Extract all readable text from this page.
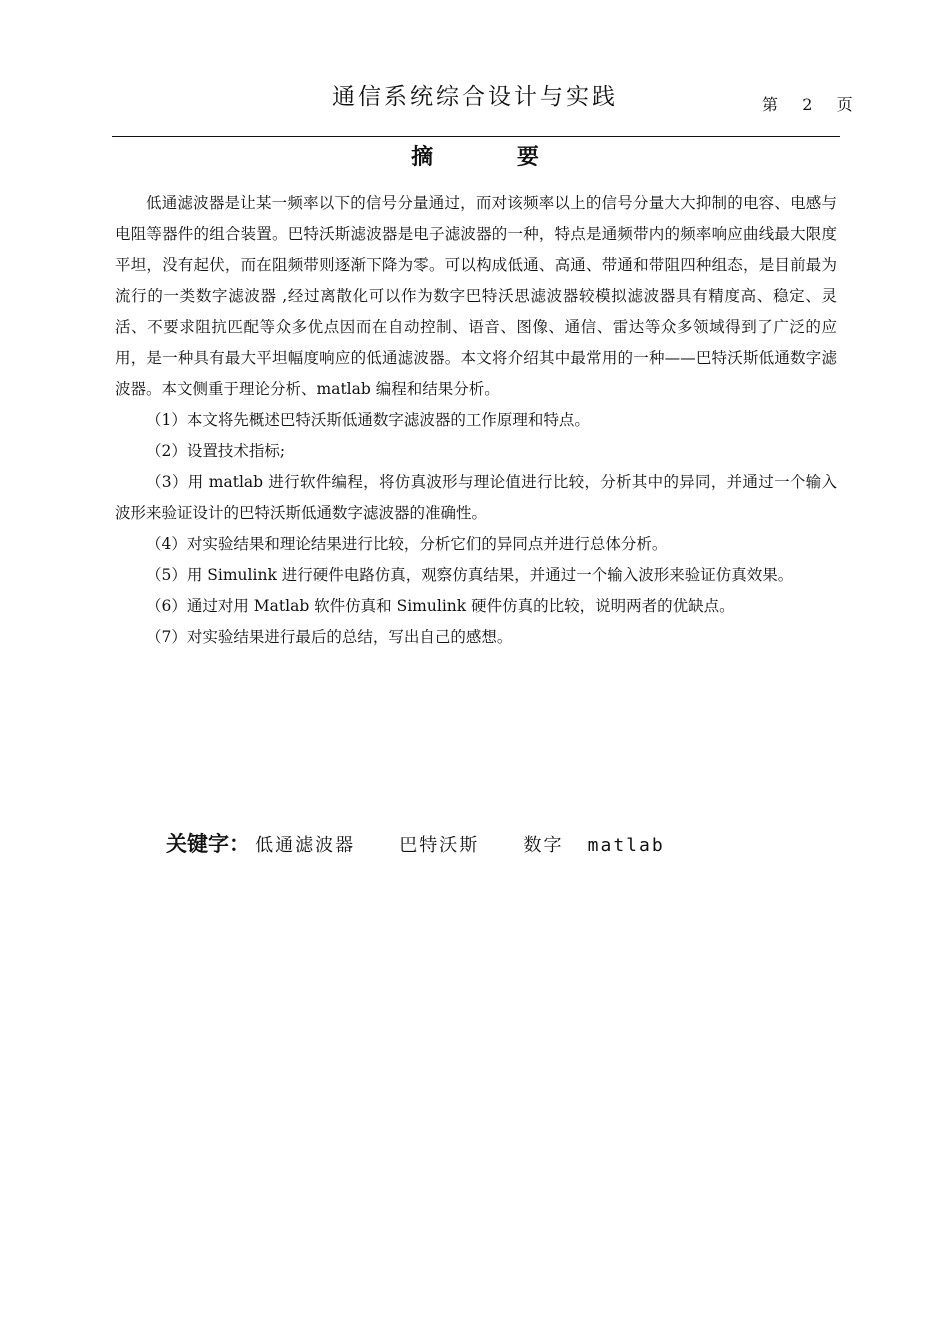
通信系统综合设计与实践	第 2 页
摘 要

低通滤波器是让某一频率以下的信号分量通过，而对该频率以上的信号分量大大抑制的电容、电感与电阻等器件的组合装置。巴特沃斯滤波器是电子滤波器的一种，特点是通频带内的频率响应曲线最大限度平坦，没有起伏，而在阻频带则逐渐下降为零。可以构成低通、高通、带通和带阻四种组态，是目前最为流行的一类数字滤波器 ,经过离散化可以作为数字巴特沃思滤波器较模拟滤波器具有精度高、稳定、灵活、不要求阻抗匹配等众多优点因而在自动控制、语音、图像、通信、雷达等众多领域得到了广泛的应用，是一种具有最大平坦幅度响应的低通滤波器。本文将介绍其中最常用的一种——巴特沃斯低通数字滤波器。本文侧重于理论分析、matlab 编程和结果分析。

（1）本文将先概述巴特沃斯低通数字滤波器的工作原理和特点。

（2）设置技术指标;

（3）用 matlab 进行软件编程，将仿真波形与理论值进行比较，分析其中的异同，并通过一个输入波形来验证设计的巴特沃斯低通数字滤波器的准确性。

（4）对实验结果和理论结果进行比较，分析它们的异同点并进行总体分析。

（5）用 Simulink 进行硬件电路仿真，观察仿真结果，并通过一个输入波形来验证仿真效果。

（6）通过对用 Matlab 软件仿真和 Simulink 硬件仿真的比较，说明两者的优缺点。

（7）对实验结果进行最后的总结，写出自己的感想。

关键字： 低通滤波器 巴特沃斯 数字 matlab
